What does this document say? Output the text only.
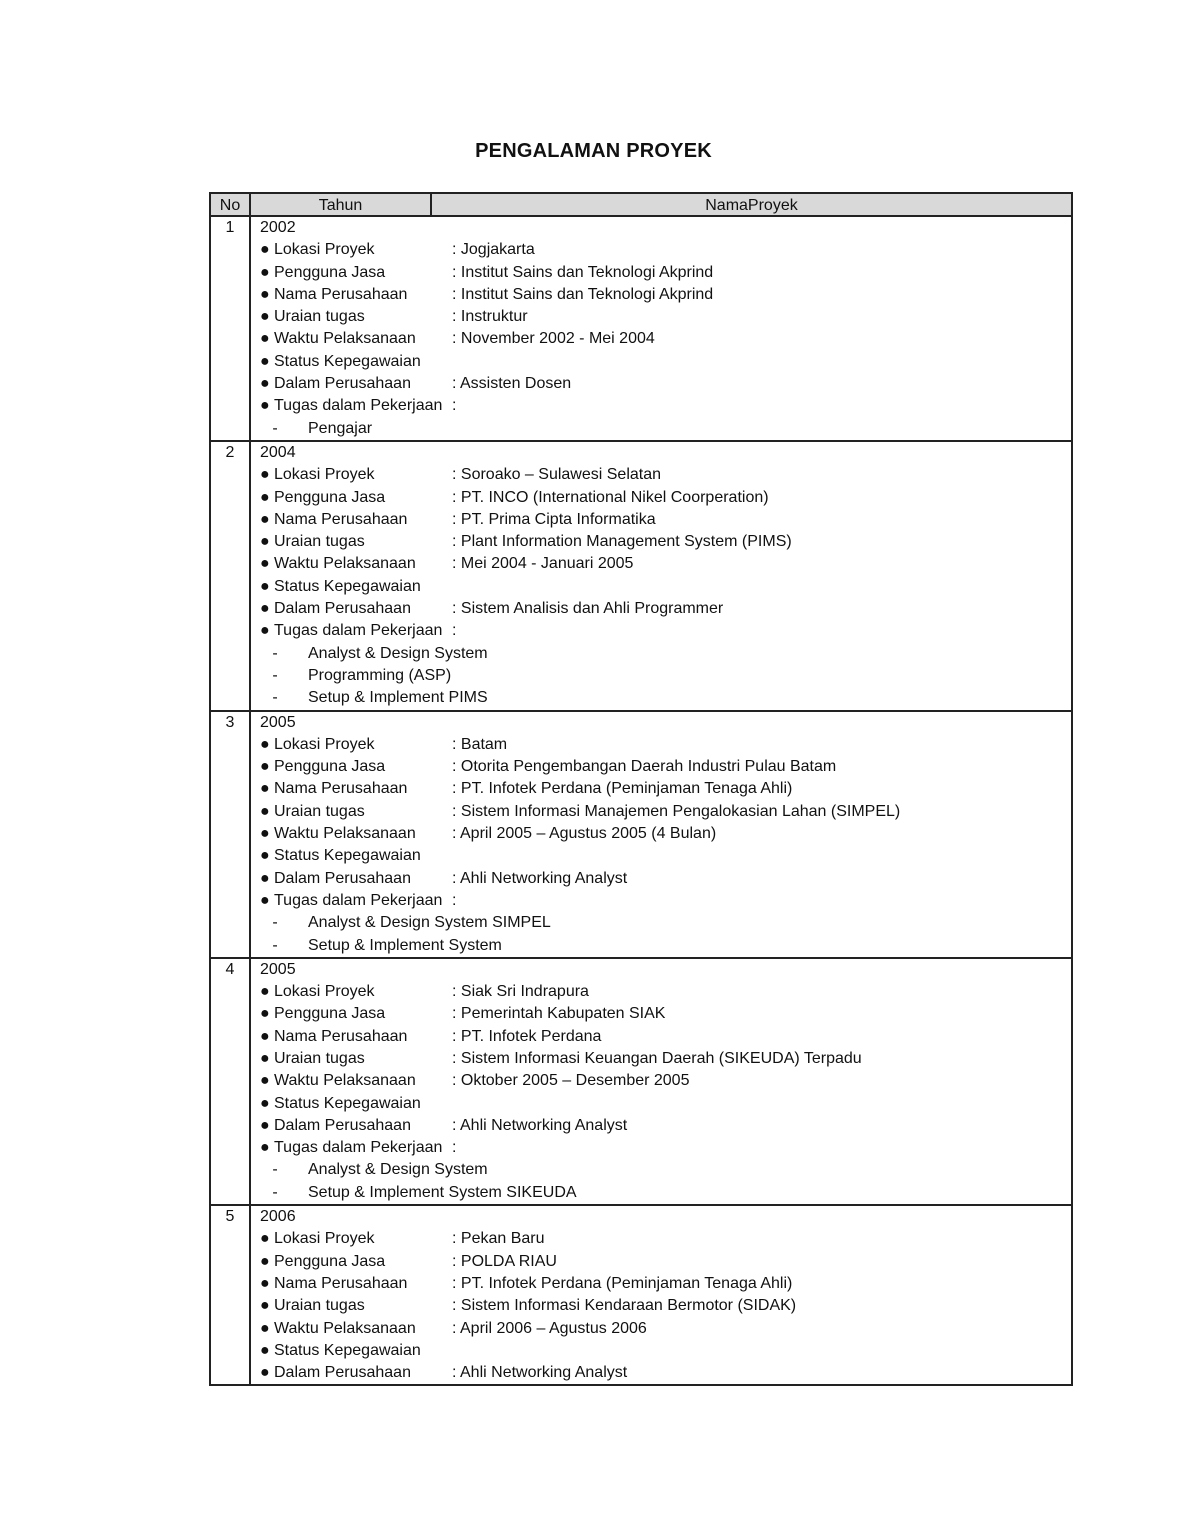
PENGALAMAN PROYEK
No	Tahun	NamaProyek
1	2002
● Lokasi Proyek	: Jogjakarta
● Pengguna Jasa	: Institut Sains dan Teknologi Akprind
● Nama Perusahaan	: Institut Sains dan Teknologi Akprind
● Uraian tugas	: Instruktur
● Waktu Pelaksanaan : November 2002 - Mei 2004
● Status Kepegawaian
● Dalam Perusahaan	: Assisten Dosen
● Tugas dalam Pekerjaan :
- Pengajar
2	2004
● Lokasi Proyek	: Soroako – Sulawesi Selatan
● Pengguna Jasa	: PT. INCO (International Nikel Coorperation)
● Nama Perusahaan	: PT. Prima Cipta Informatika
● Uraian tugas	: Plant Information Management System (PIMS)
● Waktu Pelaksanaan : Mei 2004 - Januari 2005
● Status Kepegawaian
● Dalam Perusahaan	: Sistem Analisis dan Ahli Programmer
● Tugas dalam Pekerjaan :
- Analyst & Design System
- Programming (ASP)
- Setup & Implement PIMS
3	2005
● Lokasi Proyek	: Batam
● Pengguna Jasa	: Otorita Pengembangan Daerah Industri Pulau Batam
● Nama Perusahaan	: PT. Infotek Perdana (Peminjaman Tenaga Ahli)
● Uraian tugas	: Sistem Informasi Manajemen Pengalokasian Lahan (SIMPEL)
● Waktu Pelaksanaan : April 2005 – Agustus 2005 (4 Bulan)
● Status Kepegawaian
● Dalam Perusahaan	: Ahli Networking Analyst
● Tugas dalam Pekerjaan :
- Analyst & Design System SIMPEL
- Setup & Implement System
4	2005
● Lokasi Proyek	: Siak Sri Indrapura
● Pengguna Jasa	: Pemerintah Kabupaten SIAK
● Nama Perusahaan	: PT. Infotek Perdana
● Uraian tugas	: Sistem Informasi Keuangan Daerah (SIKEUDA) Terpadu
● Waktu Pelaksanaan : Oktober 2005 – Desember 2005
● Status Kepegawaian
● Dalam Perusahaan	: Ahli Networking Analyst
● Tugas dalam Pekerjaan :
- Analyst & Design System
- Setup & Implement System SIKEUDA
5	2006
● Lokasi Proyek	: Pekan Baru
● Pengguna Jasa	: POLDA RIAU
● Nama Perusahaan	: PT. Infotek Perdana (Peminjaman Tenaga Ahli)
● Uraian tugas	: Sistem Informasi Kendaraan Bermotor (SIDAK)
● Waktu Pelaksanaan : April 2006 – Agustus 2006
● Status Kepegawaian
● Dalam Perusahaan	: Ahli Networking Analyst
